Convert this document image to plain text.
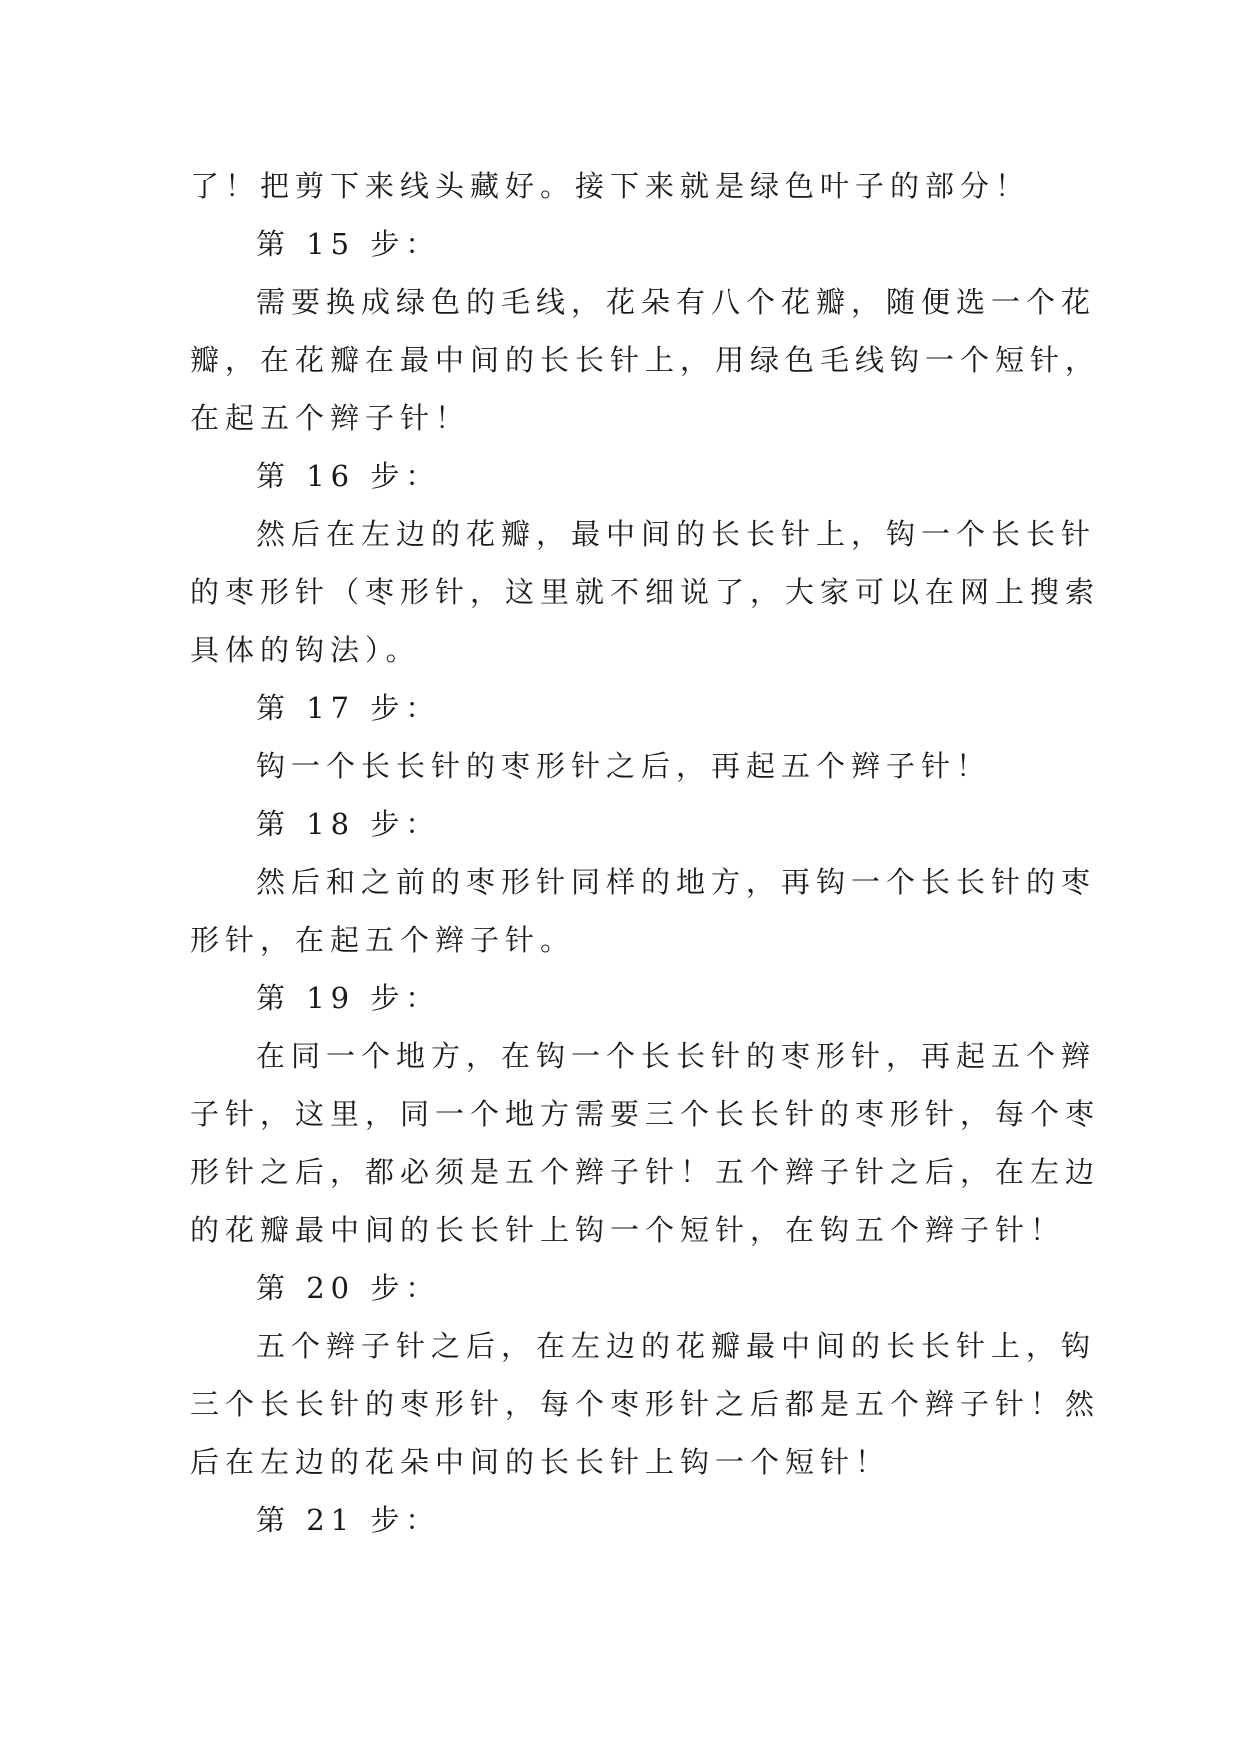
了！把剪下来线头藏好。接下来就是绿色叶子的部分！
第 15 步：
需要换成绿色的毛线，花朵有八个花瓣，随便选一个花
瓣，在花瓣在最中间的长长针上，用绿色毛线钩一个短针，
在起五个辫子针！
第 16 步：
然后在左边的花瓣，最中间的长长针上，钩一个长长针
的枣形针（枣形针，这里就不细说了，大家可以在网上搜索
具体的钩法）。
第 17 步：
钩一个长长针的枣形针之后，再起五个辫子针！
第 18 步：
然后和之前的枣形针同样的地方，再钩一个长长针的枣
形针，在起五个辫子针。
第 19 步：
在同一个地方，在钩一个长长针的枣形针，再起五个辫
子针，这里，同一个地方需要三个长长针的枣形针，每个枣
形针之后，都必须是五个辫子针！五个辫子针之后，在左边
的花瓣最中间的长长针上钩一个短针，在钩五个辫子针！
第 20 步：
五个辫子针之后，在左边的花瓣最中间的长长针上，钩
三个长长针的枣形针，每个枣形针之后都是五个辫子针！然
后在左边的花朵中间的长长针上钩一个短针！
第 21 步：
